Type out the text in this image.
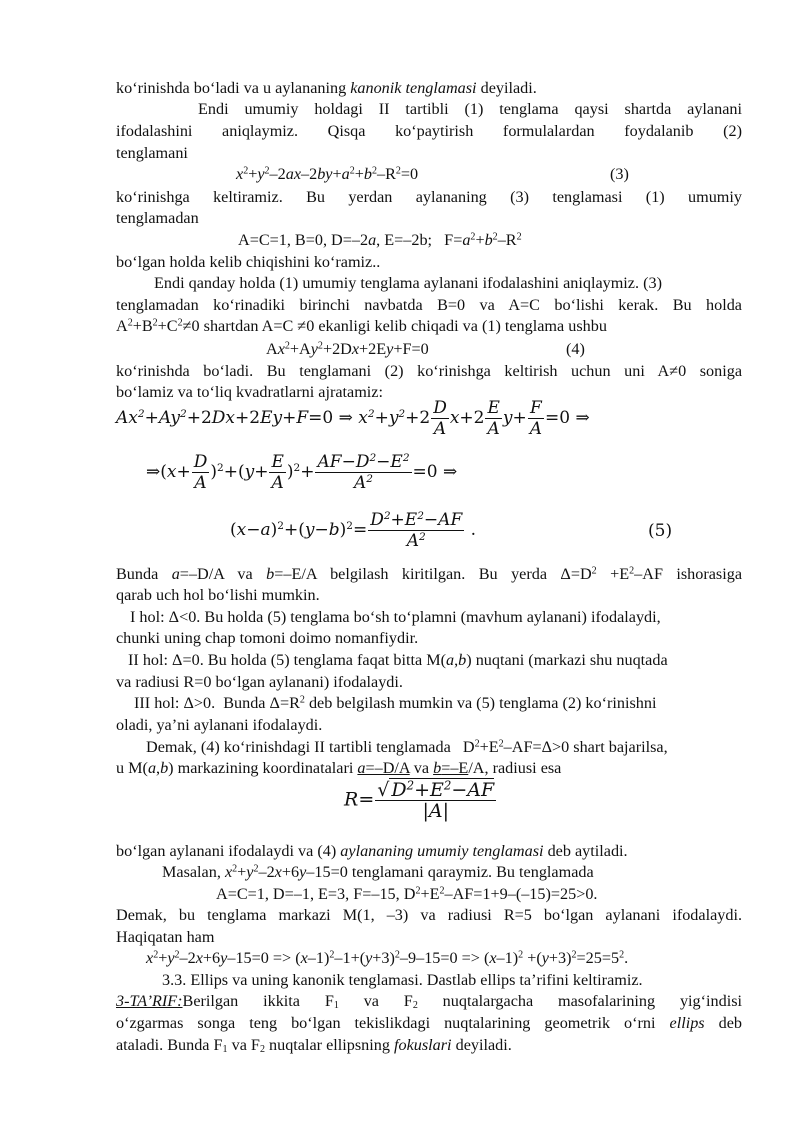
koʻrinishda boʻladi va u aylananing kanonik tenglamasi deyiladi.
Endi umumiy holdagi II tartibli (1) tenglama qaysi shartda aylanani
ifodalashini aniqlaymiz. Qisqa koʻpaytirish formulalardan foydalanib (2)
tenglamani
$x^2+y^2-2ax-2by+a^2+b^2-R^2=0$	(3)
koʻrinishga keltiramiz. Bu yerdan aylananing (3) tenglamasi (1) umumiy
tenglamadan
A=C=1, B=0, D=–2a, E=–2b;   $F=a^2+b^2-R^2$
boʻlgan holda kelib chiqishini koʻramiz..
Endi qanday holda (1) umumiy tenglama aylanani ifodalashini aniqlaymiz. (3)
tenglamadan koʻrinadiki birinchi navbatda B=0 va A=C boʻlishi kerak. Bu holda
$A^2+B^2+C^2\ne 0$ shartdan A=C ≠0 ekanligi kelib chiqadi va (1) tenglama ushbu
$Ax^2+Ay^2+2Dx+2Ey+F=0$	(4)
koʻrinishda boʻladi. Bu tenglamani (2) koʻrinishga keltirish uchun uni A≠0 soniga
boʻlamiz va toʻliq kvadratlarni ajratamiz:
$Ax^2+Ay^2+2Dx+2Ey+F=0$ ⇒ $x^2+y^2+2 \frac{D}{A} x+2 \frac{E}{A} y+ \frac{F}{A} =0$ ⇒
⇒(x+ $\frac{D}{A} )^2+(y+ \frac{E}{A} )^2+ \frac{AF-D^2-E^2}{A^2} =0$ ⇒
$(x-a)^2+(y-b)^2= \frac{D^2+E^2-AF}{A^2}$ .	(5)
Bunda a=–D/A va b=–E/A belgilash kiritilgan. Bu yerda $\Delta=D^2 +E^2-AF$ ishorasiga
qarab uch hol boʻlishi mumkin.
I hol: Δ<0. Bu holda (5) tenglama boʻsh toʻplamni (mavhum aylanani) ifodalaydi,
chunki uning chap tomoni doimo nomanfiydir.
II hol: Δ=0. Bu holda (5) tenglama faqat bitta M(a,b) nuqtani (markazi shu nuqtada
va radiusi R=0 boʻlgan aylanani) ifodalaydi.
III hol: Δ>0.  Bunda $\Delta=R^2$ deb belgilash mumkin va (5) tenglama (2) koʻrinishni
oladi, ya’ni aylanani ifodalaydi.
Demak, (4) koʻrinishdagi II tartibli tenglamada   $D^2+E^2-AF=\Delta>0$ shart bajarilsa,
u M(a,b) markazining koordinatalari a=–D/A va b=–E/A, radiusi esa
$R= \frac{√ D^2+E^2-AF}{|A|}$
boʻlgan aylanani ifodalaydi va (4) aylananing umumiy tenglamasi deb aytiladi.
Masalan, $x^2+y^2-2x+6y-15=0$ tenglamani qaraymiz. Bu tenglamada
A=C=1, D=–1, E=3, F=–15, $D^2+E^2-AF=1+9-(-15)=25>0$.
Demak, bu tenglama markazi M(1, –3) va radiusi R=5 boʻlgan aylanani ifodalaydi.
Haqiqatan ham
$x^2+y^2-2x+6y-15=0 => (x-1)^2-1+(y+3)^2-9-15=0 => (x-1)^2 +(y+3)^2=25=5^2$.
3.3. Ellips va uning kanonik tenglamasi. Dastlab ellips ta’rifini keltiramiz.
3-TA’RIF:Berilgan ikkita $F_1$ va $F_2$ nuqtalargacha masofalarining yigʻindisi
oʻzgarmas songa teng boʻlgan tekislikdagi nuqtalarining geometrik oʻrni ellips deb
ataladi. Bunda $F_1$ va $F_2$ nuqtalar ellipsning fokuslari deyiladi.
